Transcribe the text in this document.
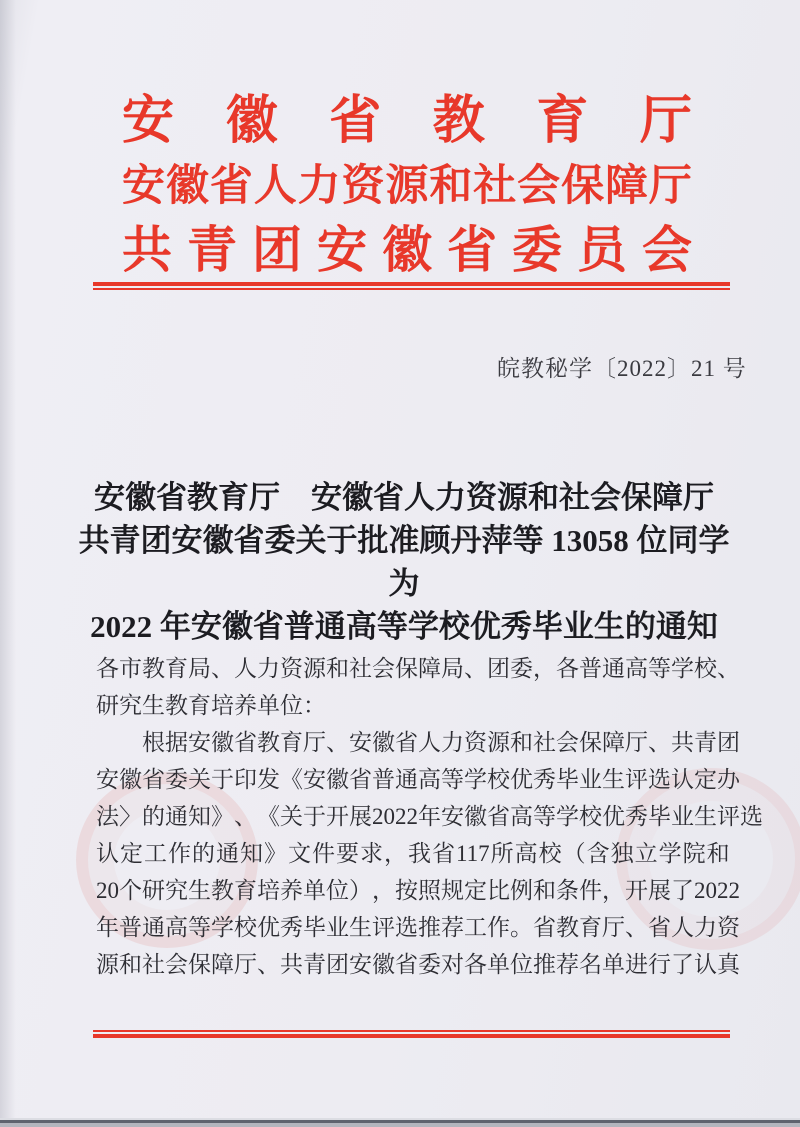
安 徽 省 教 育 厅
安 徽 省 人 力 资 源 和 社 会 保 障 厅
共 青 团 安 徽 省 委 员 会
皖教秘学〔2022〕21 号
安徽省教育厅　安徽省人力资源和社会保障厅
共青团安徽省委关于批准顾丹萍等 13058 位同学为
2022 年安徽省普通高等学校优秀毕业生的通知
各 市 教 育 局 、 人 力 资 源 和 社 会 保 障 局 、 团 委 ， 各 普 通 高 等 学 校 、
研究生教育培养单位：
根 据 安 徽 省 教 育 厅 、 安 徽 省 人 力 资 源 和 社 会 保 障 厅 、 共 青 团
安 徽 省 委 关 于 印 发 《 安 徽 省 普 通 高 等 学 校 优 秀 毕 业 生 评 选 认 定 办
法 〉 的 通 知 》 、 《 关 于 开 展 2022 年 安 徽 省 高 等 学 校 优 秀 毕 业 生 评 选
认 定 工 作 的 通 知 》 文 件 要 求 ， 我 省 117 所 高 校 （ 含 独 立 学 院 和
20 个 研 究 生 教 育 培 养 单 位 ） ， 按 照 规 定 比 例 和 条 件 ， 开 展 了 2022
年 普 通 高 等 学 校 优 秀 毕 业 生 评 选 推 荐 工 作 。 省 教 育 厅 、 省 人 力 资
源 和 社 会 保 障 厅 、 共 青 团 安 徽 省 委 对 各 单 位 推 荐 名 单 进 行 了 认 真
